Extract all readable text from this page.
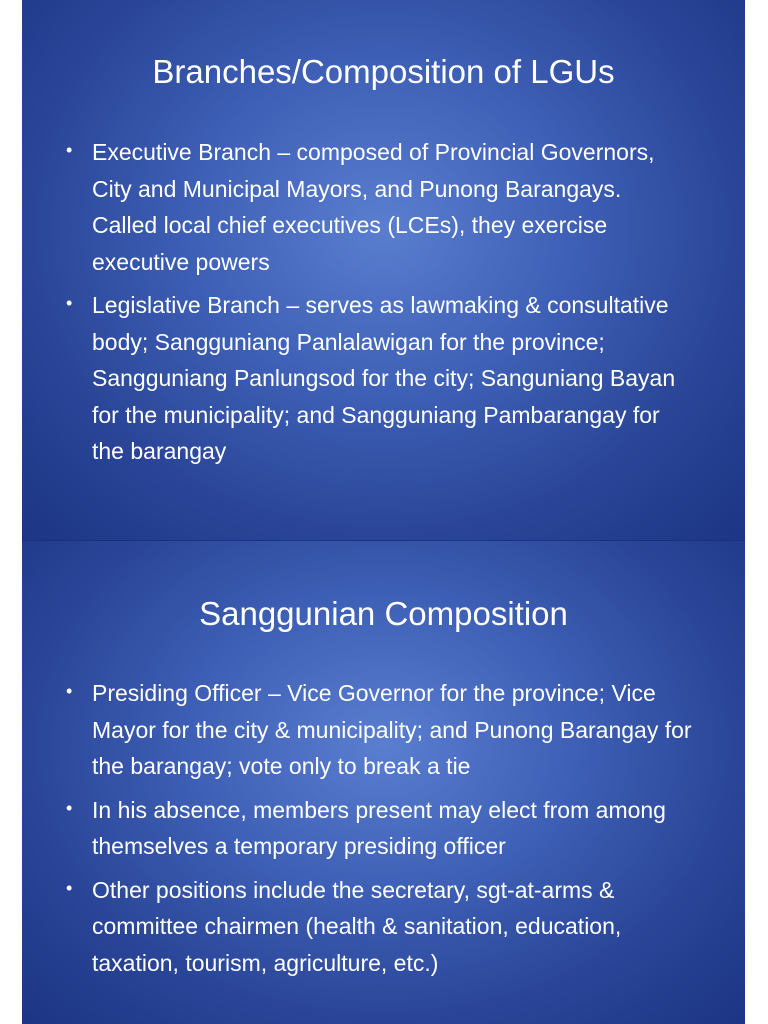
Branches/Composition of LGUs
• Executive Branch – composed of Provincial Governors, City and Municipal Mayors, and Punong Barangays. Called local chief executives (LCEs), they exercise executive powers
• Legislative Branch – serves as lawmaking & consultative body; Sangguniang Panlalawigan for the province; Sangguniang Panlungsod for the city; Sanguniang Bayan for the municipality; and Sangguniang Pambarangay for the barangay
Sanggunian Composition
• Presiding Officer – Vice Governor for the province; Vice Mayor for the city & municipality; and Punong Barangay for the barangay; vote only to break a tie
• In his absence, members present may elect from among themselves a temporary presiding officer
• Other positions include the secretary, sgt-at-arms & committee chairmen (health & sanitation, education, taxation, tourism, agriculture, etc.)
